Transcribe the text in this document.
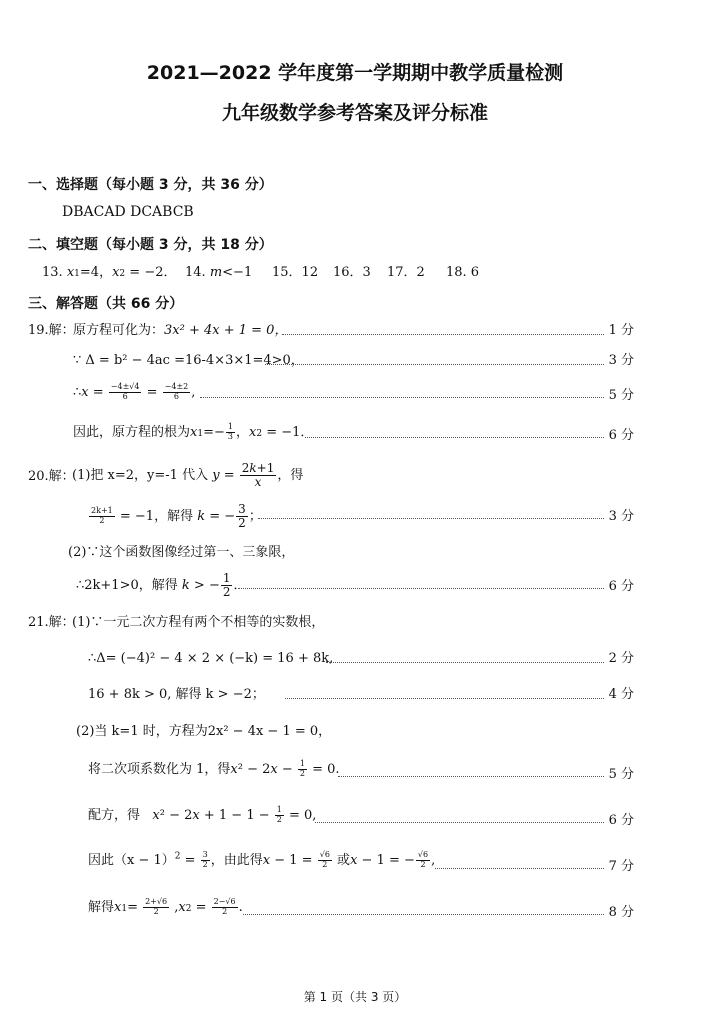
2021—2022 学年度第一学期期中教学质量检测
九年级数学参考答案及评分标准
一、选择题（每小题 3 分，共 36 分）
DBACAD DCABCB
二、填空题（每小题 3 分，共 18 分）
13. x1=4，x2 = −2． 14. m<−1 15．12 16．3 17．2 18. 6
三、解答题（共 66 分）
19.解：
原方程可化为：3x² + 4x + 1 = 0，	1 分
∵ Δ = b² − 4ac =16-4×3×1=4>0，	3 分
∴x = $\frac{-4\pm√4}{6} = \frac{-4\pm 2}{6}$ ,	5 分
因此，原方程的根为$x1=- \frac{1}{3}$ ，x2 = −1．	6 分
20.解：
(1)把 x=2，y=-1 代入 $y = \frac{2k+1}{x}$ ，得
$\frac{2k+1}{2} = -1$，解得 k = − $\frac{3}{2}$ ；	3 分
(2)∵这个函数图像经过第一、三象限，
∴2k+1>0，解得 k > − $\frac{1}{2}$ ．	6 分
21.解：
(1)∵一元二次方程有两个不相等的实数根，
∴Δ= (−4)² − 4 × 2 × (−k) = 16 + 8k,	2 分
16 + 8k > 0, 解得 k > −2；	4 分
(2)当 k=1 时，方程为2x² − 4x − 1 = 0，
将二次项系数化为 1，得$x^2 - 2x - \frac{1}{2} = 0$.	5 分
配方，得 $x^2 - 2x + 1 - 1 - \frac{1}{2} = 0$,	6 分
因此$(x - 1)^2 = \frac{3}{2}$ ，由此得$x - 1 = \frac{√6}{2}$ 或x − 1 = − $\frac{√6}{2}$ ,	7 分
解得$x1= \frac{2+√6}{2} ,x2 = \frac{2-√6}{2}$ .	8 分
第 1 页（共 3 页）
